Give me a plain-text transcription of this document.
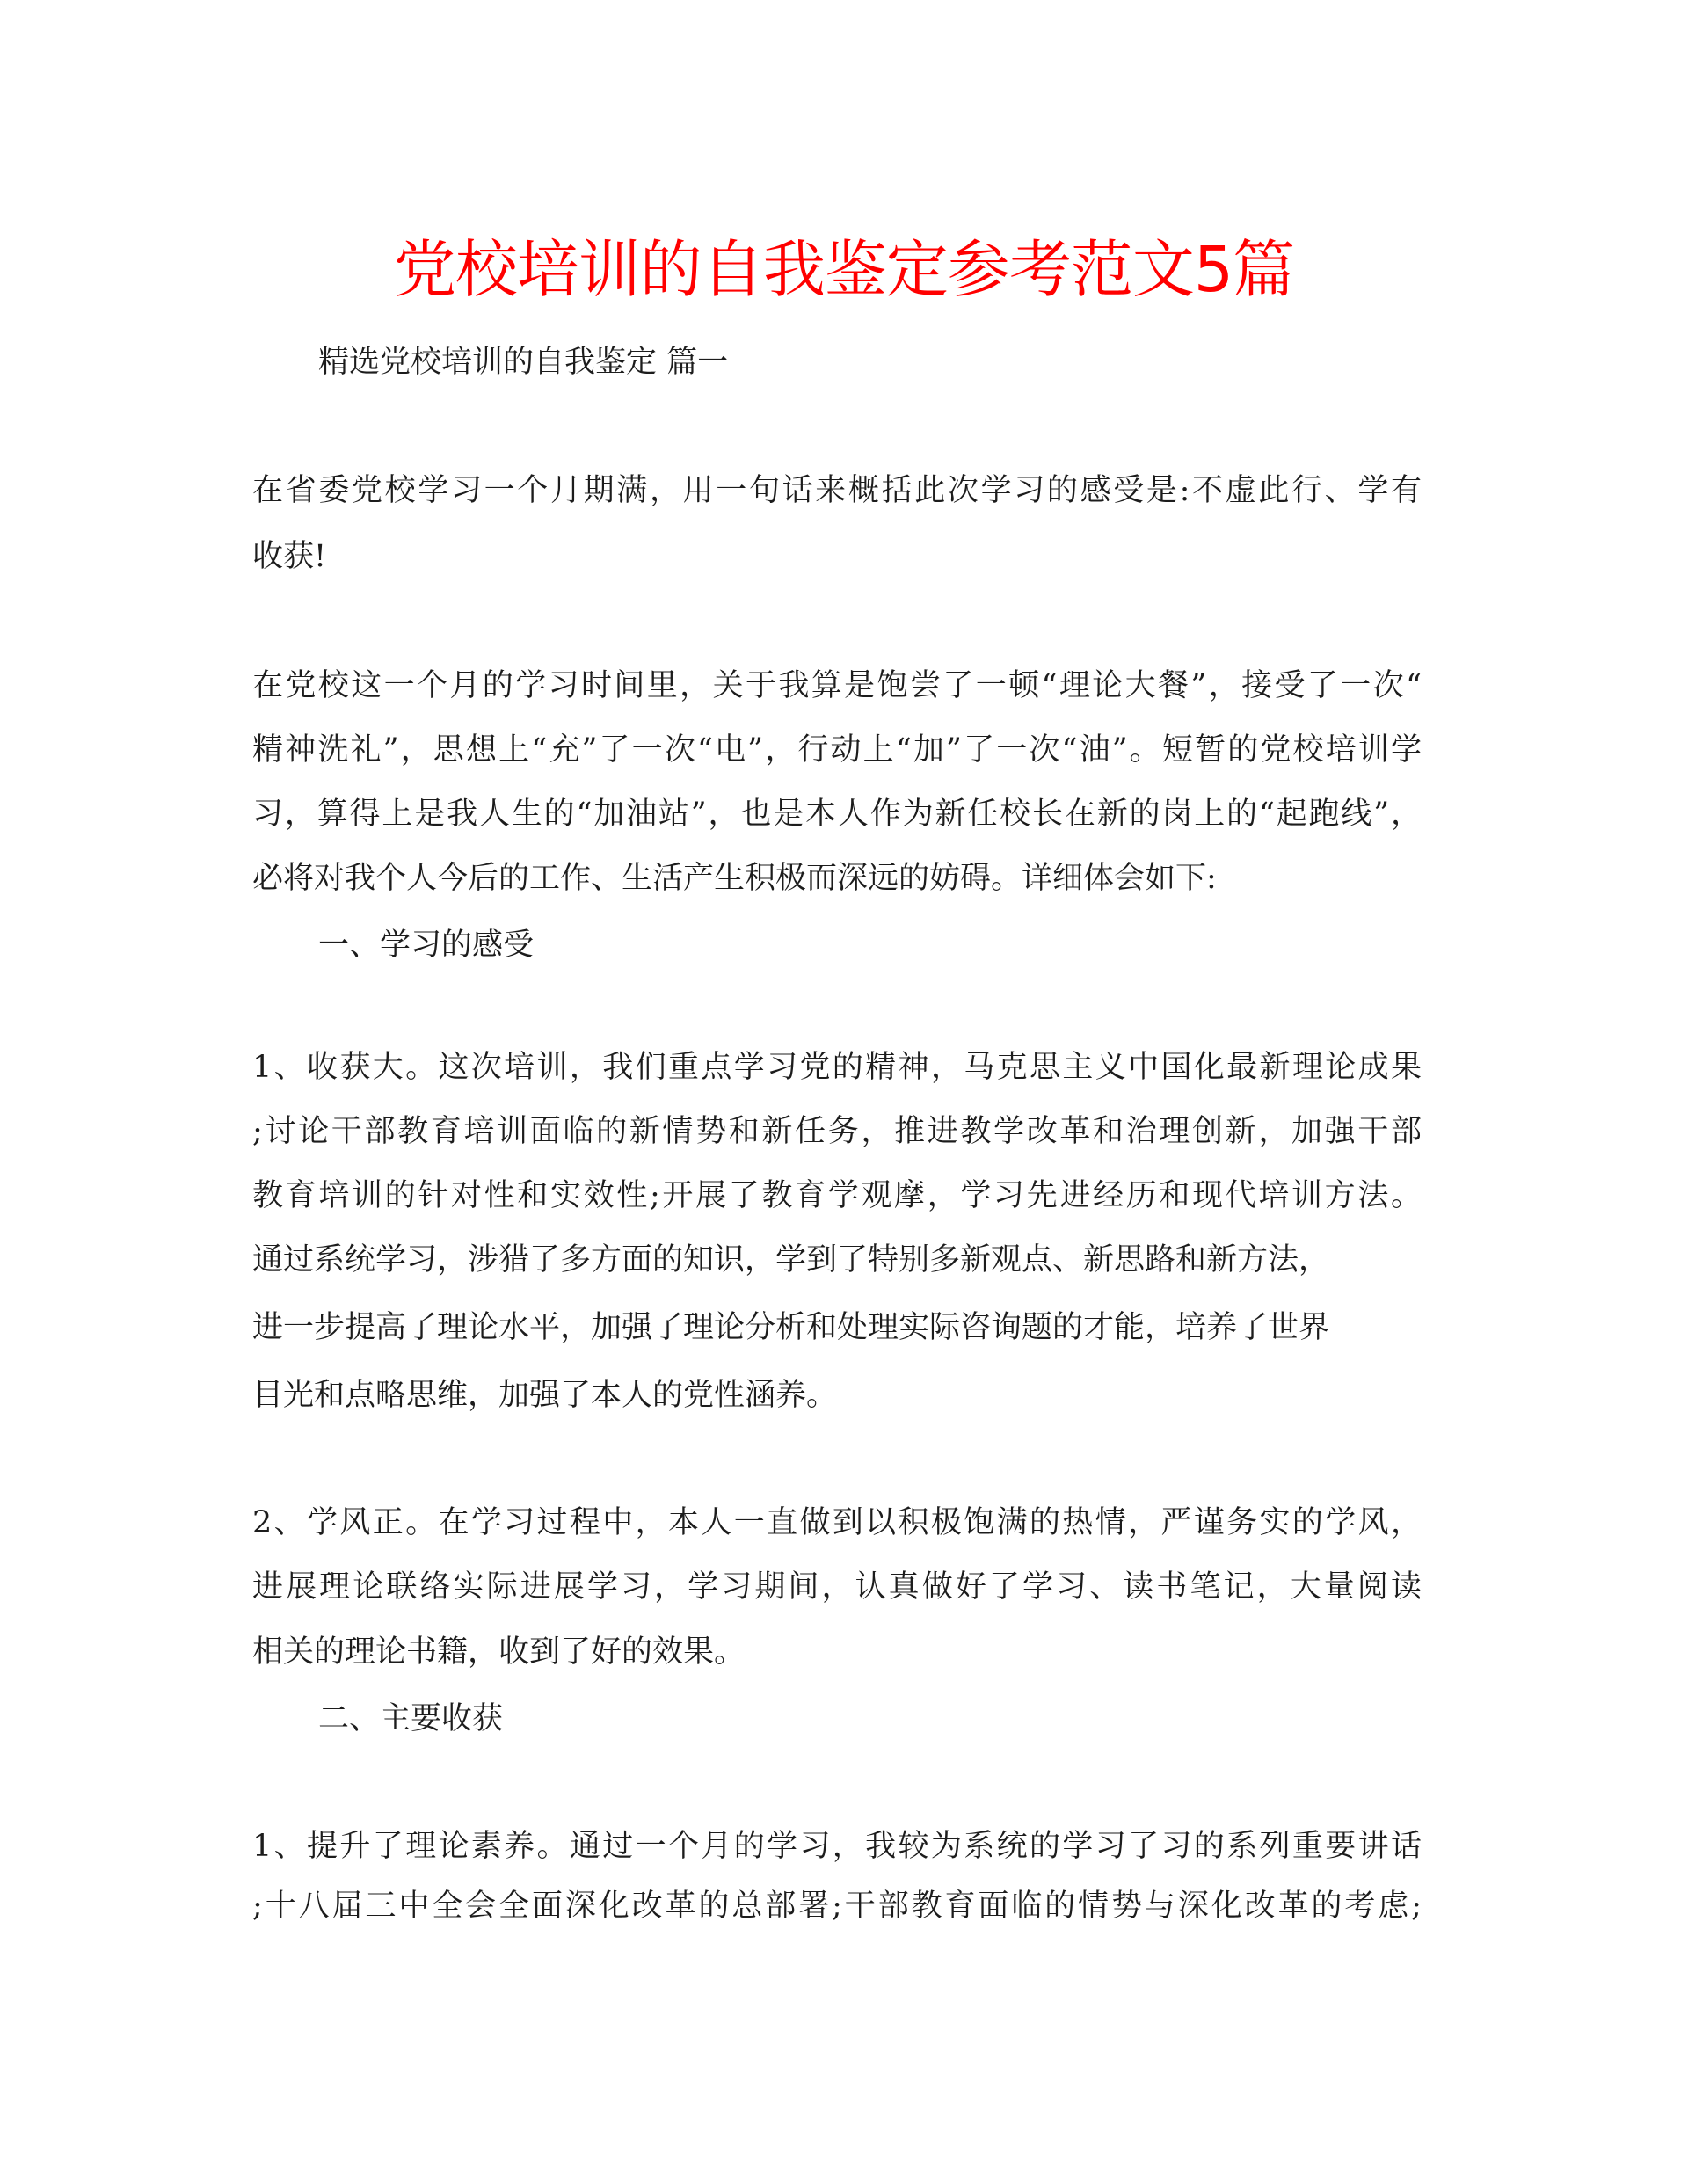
党校培训的自我鉴定参考范文5篇
精选党校培训的自我鉴定 篇一
在省委党校学习一个月期满，用一句话来概括此次学习的感受是:不虚此行、学有
收获!
在党校这一个月的学习时间里，关于我算是饱尝了一顿“理论大餐”，接受了一次“
精神洗礼”，思想上“充”了一次“电”，行动上“加”了一次“油”。短暂的党校培训学
习，算得上是我人生的“加油站”，也是本人作为新任校长在新的岗上的“起跑线”，
必将对我个人今后的工作、生活产生积极而深远的妨碍。详细体会如下:
一、学习的感受
1、收获大。这次培训，我们重点学习党的精神，马克思主义中国化最新理论成果
;讨论干部教育培训面临的新情势和新任务，推进教学改革和治理创新，加强干部
教育培训的针对性和实效性;开展了教育学观摩，学习先进经历和现代培训方法。
通过系统学习，涉猎了多方面的知识，学到了特别多新观点、新思路和新方法，
进一步提高了理论水平，加强了理论分析和处理实际咨询题的才能，培养了世界
目光和点略思维，加强了本人的党性涵养。
2、学风正。在学习过程中，本人一直做到以积极饱满的热情，严谨务实的学风，
进展理论联络实际进展学习，学习期间，认真做好了学习、读书笔记，大量阅读
相关的理论书籍，收到了好的效果。
二、主要收获
1、提升了理论素养。通过一个月的学习，我较为系统的学习了习的系列重要讲话
;十八届三中全会全面深化改革的总部署;干部教育面临的情势与深化改革的考虑;
